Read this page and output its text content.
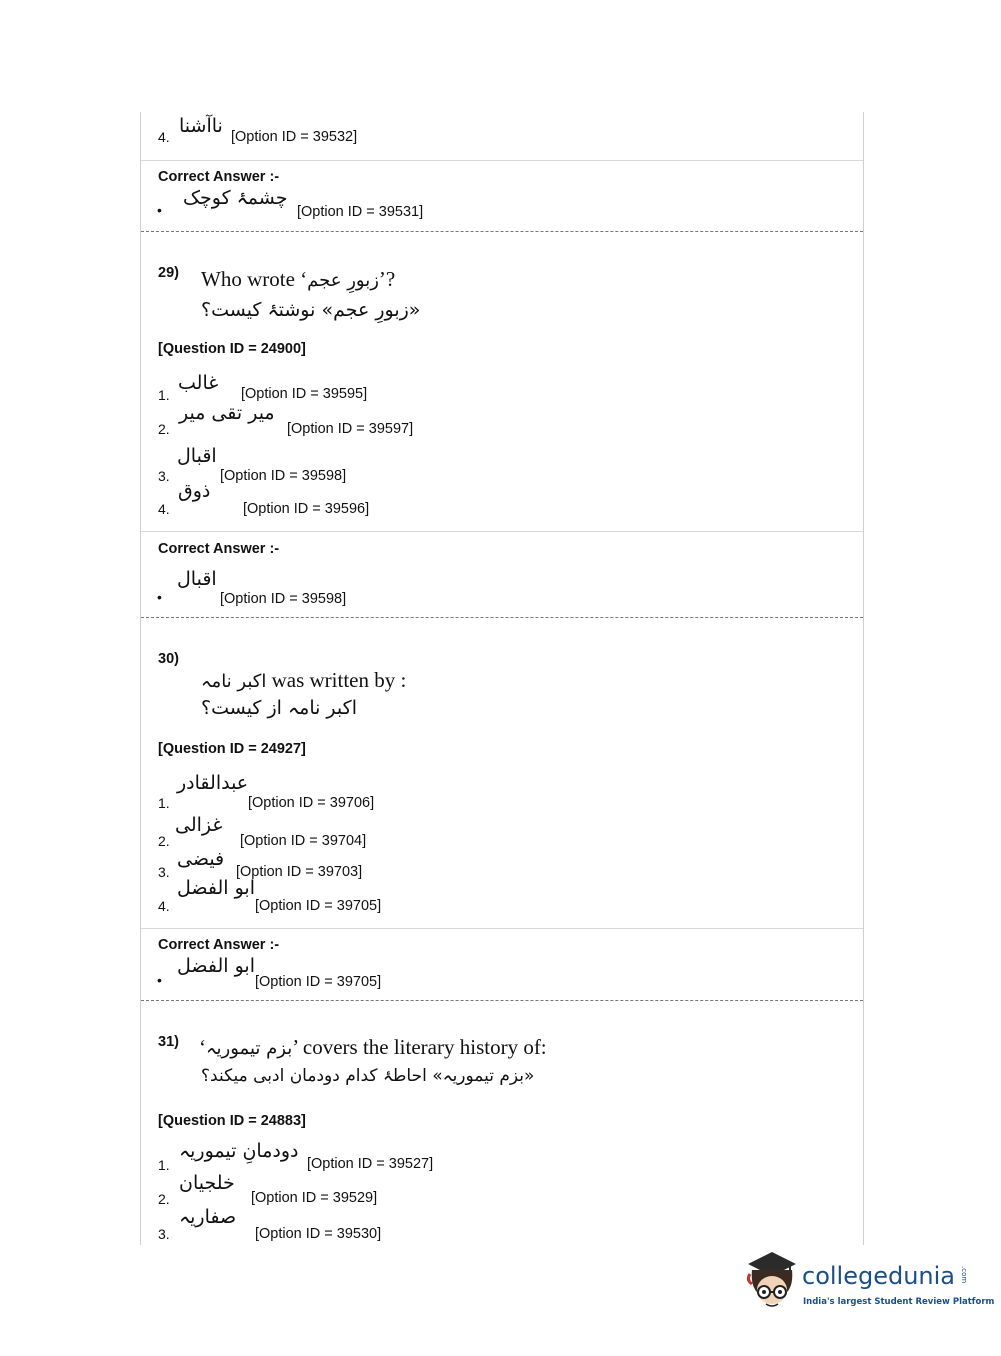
4. ناآشنا [Option ID = 39532]
Correct Answer :-
•
چشمۂ کوچک
[Option ID = 39531]
29) Who wrote ‘زبورِ عجم’?
«زبورِ عجم» نوشتۂ کیست؟
[Question ID = 24900]
1.
غالب [Option ID = 39595]
2.
میر تقی میر
[Option ID = 39597]
3.
اقبال
[Option ID = 39598]
4.
ذوق
[Option ID = 39596]
Correct Answer :-
•
اقبال
[Option ID = 39598]
30)
اکبر نامہ was written by :
اکبر نامہ از کیست؟
[Question ID = 24927]
1.
عبدالقادر
[Option ID = 39706]
2.
غزالی
[Option ID = 39704]
3.
فیضی
[Option ID = 39703]
4.
ابو الفضل
[Option ID = 39705]
Correct Answer :-
•
ابو الفضل
[Option ID = 39705]
31) ‘بزم تیموریہ’ covers the literary history of:
«بزم تیموریہ» احاطۂ کدام دودمان ادبی میکند؟
[Question ID = 24883]
1.
دودمانِ تیموریہ
[Option ID = 39527]
2.
خلجیان
[Option ID = 39529]
3.
صفاریہ
[Option ID = 39530]
collegedunia .com
India's largest Student Review Platform
